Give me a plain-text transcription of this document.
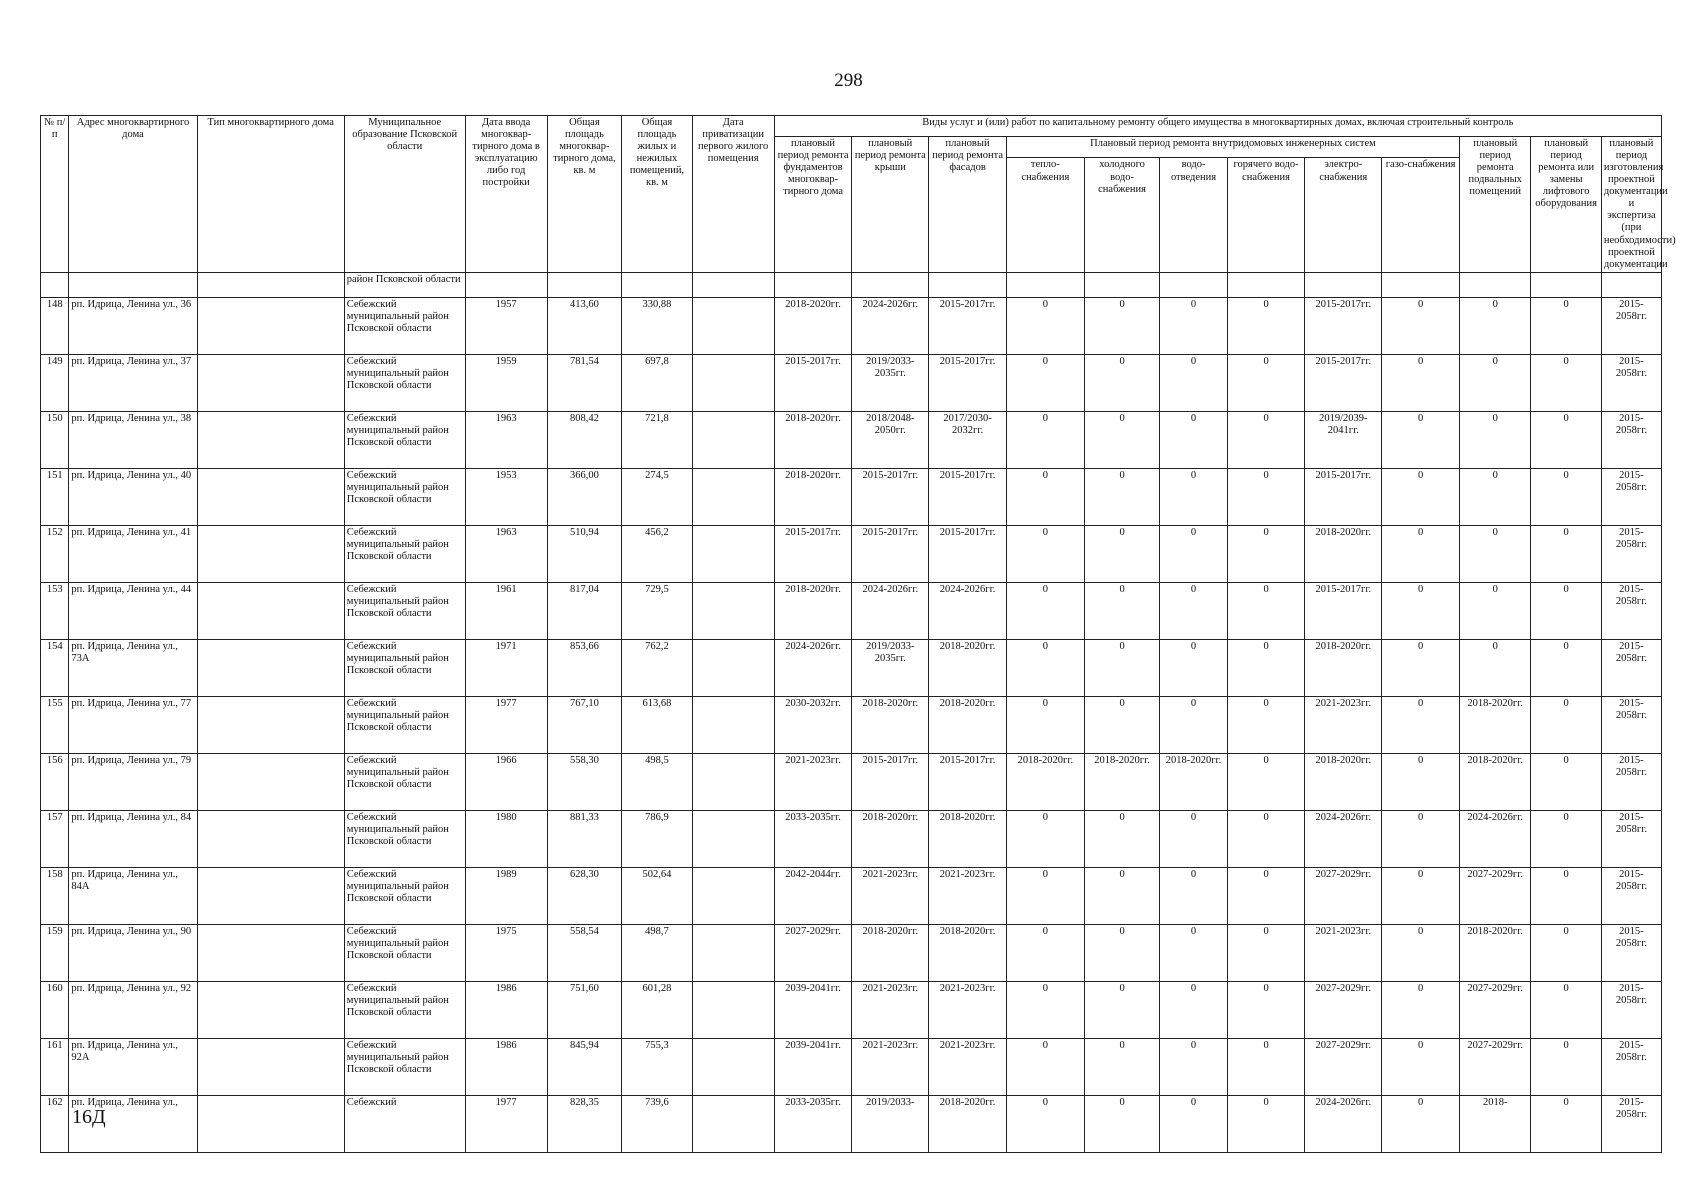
298
№ п/п	Адрес многоквартирного дома	Тип многоквартирного дома	Муниципальное образование Псковской области	Дата ввода многоквар-тирного дома в эксплуатацию либо год постройки	Общая площадь многоквар-тирного дома, кв. м	Общая площадь жилых и нежилых помещений, кв. м	Дата приватизации первого жилого помещения	Виды услуг и (или) работ по капитальному ремонту общего имущества в многоквартирных домах, включая строительный контроль											
								плановый период ремонта фундаментов многоквар-тирного дома	плановый период ремонта крыши	плановый период ремонта фасадов	Плановый период ремонта внутридомовых инженерных систем						плановый период ремонта подвальных помещений	плановый период ремонта или замены лифтового оборудования	плановый период изготовления проектной документации и экспертиза (при необходимости) проектной документации
											тепло-снабжения	холодного водо-снабжения	водо-отведения	горячего водо-снабжения	электро-снабжения	газо-снабжения			
			район Псковской области																
148	рп. Идрица, Ленина ул., 36		Себежский муниципальный район Псковской области	1957	413,60	330,88		2018-2020гг.	2024-2026гг.	2015-2017гг.	0	0	0	0	2015-2017гг.	0	0	0	2015-2058гг.
149	рп. Идрица, Ленина ул., 37		Себежский муниципальный район Псковской области	1959	781,54	697,8		2015-2017гг.	2019/2033-2035гг.	2015-2017гг.	0	0	0	0	2015-2017гг.	0	0	0	2015-2058гг.
150	рп. Идрица, Ленина ул., 38		Себежский муниципальный район Псковской области	1963	808,42	721,8		2018-2020гг.	2018/2048-2050гг.	2017/2030-2032гг.	0	0	0	0	2019/2039-2041гг.	0	0	0	2015-2058гг.
151	рп. Идрица, Ленина ул., 40		Себежский муниципальный район Псковской области	1953	366,00	274,5		2018-2020гг.	2015-2017гг.	2015-2017гг.	0	0	0	0	2015-2017гг.	0	0	0	2015-2058гг.
152	рп. Идрица, Ленина ул., 41		Себежский муниципальный район Псковской области	1963	510,94	456,2		2015-2017гг.	2015-2017гг.	2015-2017гг.	0	0	0	0	2018-2020гг.	0	0	0	2015-2058гг.
153	рп. Идрица, Ленина ул., 44		Себежский муниципальный район Псковской области	1961	817,04	729,5		2018-2020гг.	2024-2026гг.	2024-2026гг.	0	0	0	0	2015-2017гг.	0	0	0	2015-2058гг.
154	рп. Идрица, Ленина ул., 73А		Себежский муниципальный район Псковской области	1971	853,66	762,2		2024-2026гг.	2019/2033-2035гг.	2018-2020гг.	0	0	0	0	2018-2020гг.	0	0	0	2015-2058гг.
155	рп. Идрица, Ленина ул., 77		Себежский муниципальный район Псковской области	1977	767,10	613,68		2030-2032гг.	2018-2020гг.	2018-2020гг.	0	0	0	0	2021-2023гг.	0	2018-2020гг.	0	2015-2058гг.
156	рп. Идрица, Ленина ул., 79		Себежский муниципальный район Псковской области	1966	558,30	498,5		2021-2023гг.	2015-2017гг.	2015-2017гг.	2018-2020гг.	2018-2020гг.	2018-2020гг.	0	2018-2020гг.	0	2018-2020гг.	0	2015-2058гг.
157	рп. Идрица, Ленина ул., 84		Себежский муниципальный район Псковской области	1980	881,33	786,9		2033-2035гг.	2018-2020гг.	2018-2020гг.	0	0	0	0	2024-2026гг.	0	2024-2026гг.	0	2015-2058гг.
158	рп. Идрица, Ленина ул., 84А		Себежский муниципальный район Псковской области	1989	628,30	502,64		2042-2044гг.	2021-2023гг.	2021-2023гг.	0	0	0	0	2027-2029гг.	0	2027-2029гг.	0	2015-2058гг.
159	рп. Идрица, Ленина ул., 90		Себежский муниципальный район Псковской области	1975	558,54	498,7		2027-2029гг.	2018-2020гг.	2018-2020гг.	0	0	0	0	2021-2023гг.	0	2018-2020гг.	0	2015-2058гг.
160	рп. Идрица, Ленина ул., 92		Себежский муниципальный район Псковской области	1986	751,60	601,28		2039-2041гг.	2021-2023гг.	2021-2023гг.	0	0	0	0	2027-2029гг.	0	2027-2029гг.	0	2015-2058гг.
161	рп. Идрица, Ленина ул., 92А		Себежский муниципальный район Псковской области	1986	845,94	755,3		2039-2041гг.	2021-2023гг.	2021-2023гг.	0	0	0	0	2027-2029гг.	0	2027-2029гг.	0	2015-2058гг.
162	рп. Идрица, Ленина ул.,		Себежский	1977	828,35	739,6		2033-2035гг.	2019/2033-	2018-2020гг.	0	0	0	0	2024-2026гг.	0	2018-	0	2015-2058гг.
16Д
